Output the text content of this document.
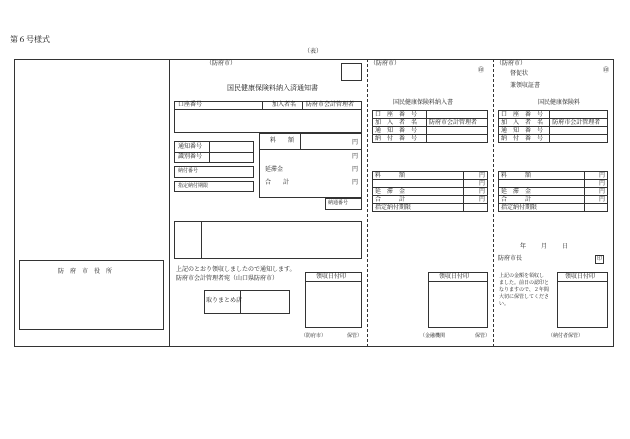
第６号様式
（表）
防　府　市　役　所
（防府市）
国民健康保険料納入済通知書
口座番号	加入者名 防府市会計管理者
通知番号
識別番号
納付番号
指定納付期限
料　　額	円
円
延滞金	円
合　　計	円
納通番号
上記のとおり領収しましたので通知します。
防府市会計管理者宛（山口県防府市）
取りまとめ店
領収日付印
（防府市）	保管）
（防府市）
㊞
国民健康保険料納入書
口　座　番　号	
加　入　者　名	防府市会計管理者
通　知　番　号	
納　付　番　号	
料　　　額	円
	円
延　滞　金	円
合　　　計	円
指定納付期限	
領収日付印
（金融機関	保管）
（防府市）
㊞
督促状
兼領収証書
国民健康保険料
口　座　番　号	
加　入　者　名	防府市会計管理者
通　知　番　号	
納　付　番　号	
料　　　額	円
	円
延　滞　金	円
合　　　計	円
指定納付期限	
年 月 日
防府市長	印
上記の金額を領収し
ました。前日の認印と
なりますので、２年間
大切に保管してくださ
い。
領収日付印
（納付者保管）
